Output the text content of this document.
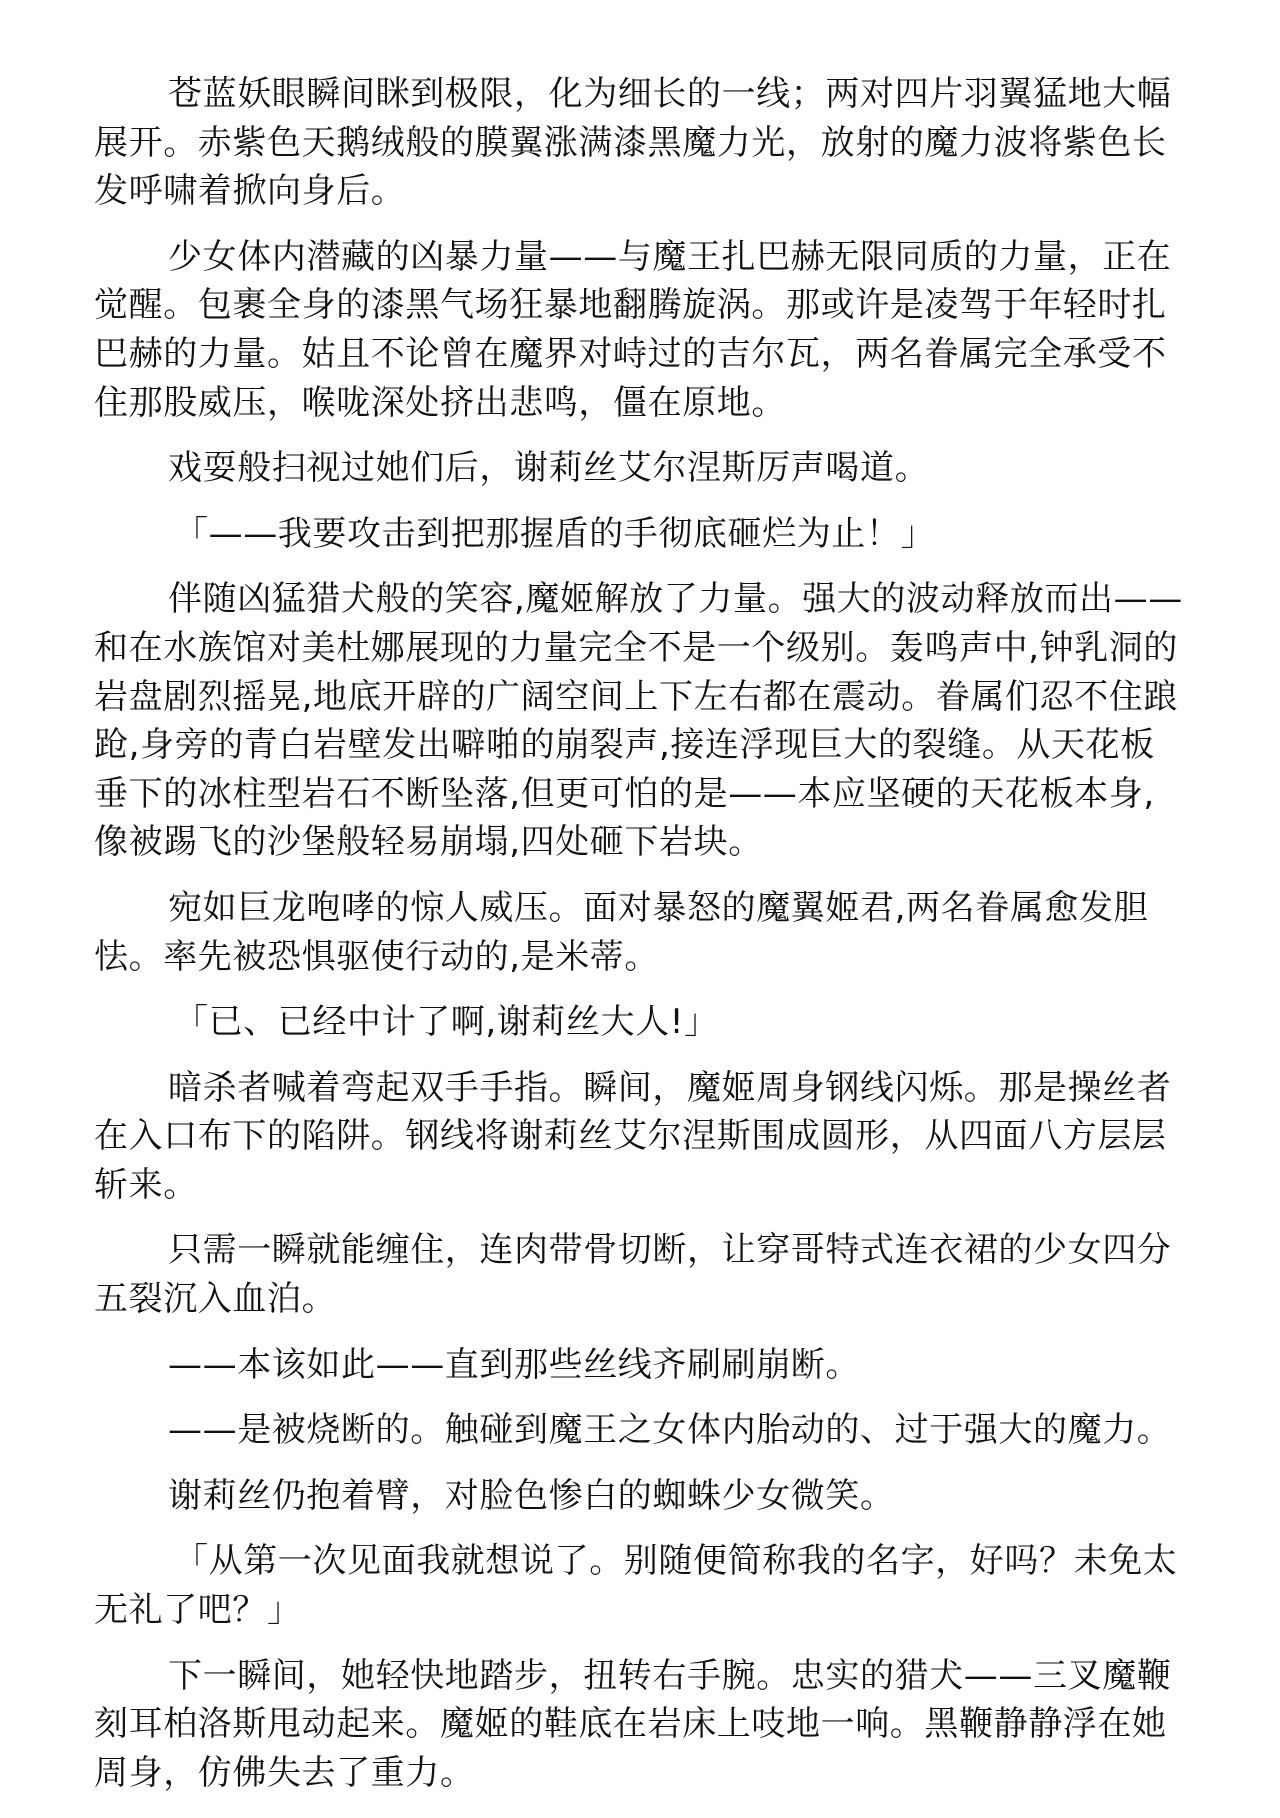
苍蓝妖眼瞬间眯到极限，化为细长的一线；两对四片羽翼猛地大幅展开。赤紫色天鹅绒般的膜翼涨满漆黑魔力光，放射的魔力波将紫色长发呼啸着掀向身后。

少女体内潜藏的凶暴力量——与魔王扎巴赫无限同质的力量，正在觉醒。包裹全身的漆黑气场狂暴地翻腾旋涡。那或许是凌驾于年轻时扎巴赫的力量。姑且不论曾在魔界对峙过的吉尔瓦，两名眷属完全承受不住那股威压，喉咙深处挤出悲鸣，僵在原地。

戏耍般扫视过她们后，谢莉丝艾尔涅斯厉声喝道。

「——我要攻击到把那握盾的手彻底砸烂为止！」

伴随凶猛猎犬般的笑容,魔姬解放了力量。强大的波动释放而出——和在水族馆对美杜娜展现的力量完全不是一个级别。轰鸣声中,钟乳洞的岩盘剧烈摇晃,地底开辟的广阔空间上下左右都在震动。眷属们忍不住踉跄,身旁的青白岩壁发出噼啪的崩裂声,接连浮现巨大的裂缝。从天花板垂下的冰柱型岩石不断坠落,但更可怕的是——本应坚硬的天花板本身,像被踢飞的沙堡般轻易崩塌,四处砸下岩块。

宛如巨龙咆哮的惊人威压。面对暴怒的魔翼姬君,两名眷属愈发胆怯。率先被恐惧驱使行动的,是米蒂。

「已、已经中计了啊,谢莉丝大人!」

暗杀者喊着弯起双手手指。瞬间，魔姬周身钢线闪烁。那是操丝者在入口布下的陷阱。钢线将谢莉丝艾尔涅斯围成圆形，从四面八方层层斩来。

只需一瞬就能缠住，连肉带骨切断，让穿哥特式连衣裙的少女四分五裂沉入血泊。

——本该如此——直到那些丝线齐刷刷崩断。

——是被烧断的。触碰到魔王之女体内胎动的、过于强大的魔力。

谢莉丝仍抱着臂，对脸色惨白的蜘蛛少女微笑。

「从第一次见面我就想说了。别随便简称我的名字，好吗？未免太无礼了吧？」

下一瞬间，她轻快地踏步，扭转右手腕。忠实的猎犬——三叉魔鞭刻耳柏洛斯甩动起来。魔姬的鞋底在岩床上吱地一响。黑鞭静静浮在她周身，仿佛失去了重力。
